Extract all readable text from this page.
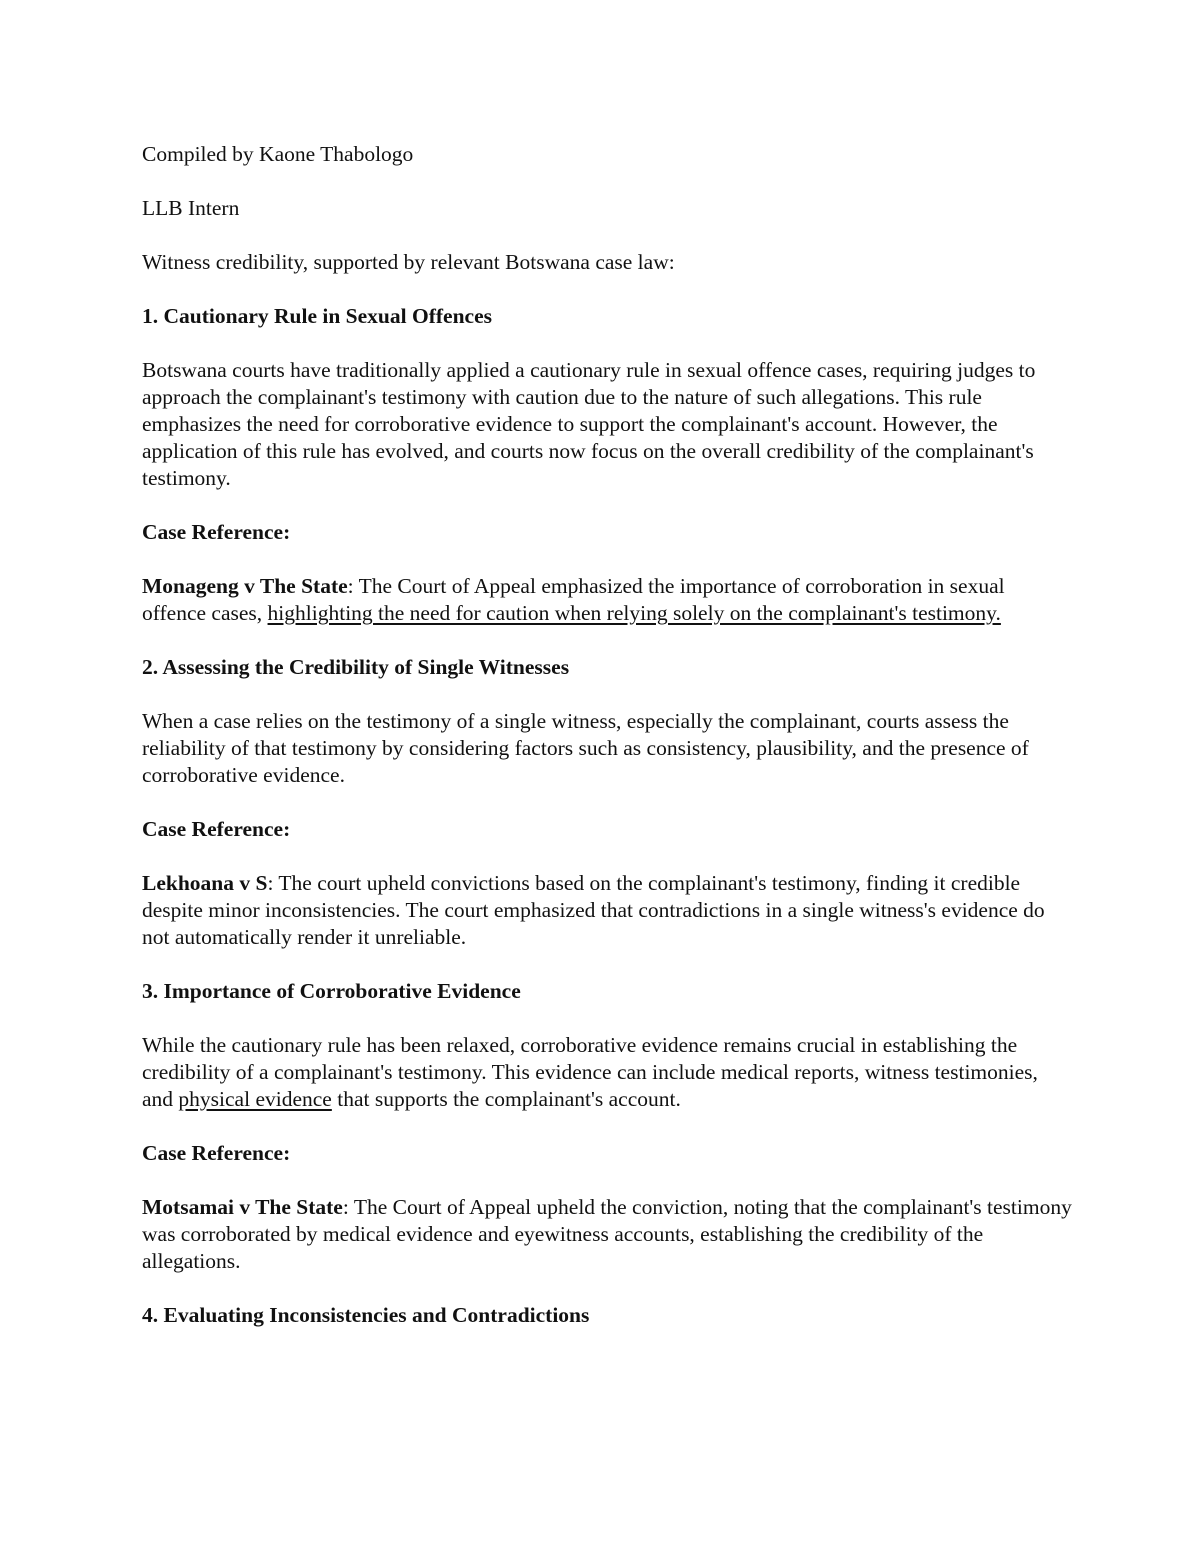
Compiled by Kaone Thabologo

LLB Intern

Witness credibility, supported by relevant Botswana case law:

1. Cautionary Rule in Sexual Offences

Botswana courts have traditionally applied a cautionary rule in sexual offence cases, requiring judges to approach the complainant's testimony with caution due to the nature of such allegations. This rule emphasizes the need for corroborative evidence to support the complainant's account. However, the application of this rule has evolved, and courts now focus on the overall credibility of the complainant's testimony.

Case Reference:

Monageng v The State: The Court of Appeal emphasized the importance of corroboration in sexual offence cases, highlighting the need for caution when relying solely on the complainant's testimony.

2. Assessing the Credibility of Single Witnesses

When a case relies on the testimony of a single witness, especially the complainant, courts assess the reliability of that testimony by considering factors such as consistency, plausibility, and the presence of corroborative evidence.

Case Reference:

Lekhoana v S: The court upheld convictions based on the complainant's testimony, finding it credible despite minor inconsistencies. The court emphasized that contradictions in a single witness's evidence do not automatically render it unreliable.

3. Importance of Corroborative Evidence

While the cautionary rule has been relaxed, corroborative evidence remains crucial in establishing the credibility of a complainant's testimony. This evidence can include medical reports, witness testimonies, and physical evidence that supports the complainant's account.

Case Reference:

Motsamai v The State: The Court of Appeal upheld the conviction, noting that the complainant's testimony was corroborated by medical evidence and eyewitness accounts, establishing the credibility of the allegations.

4. Evaluating Inconsistencies and Contradictions
